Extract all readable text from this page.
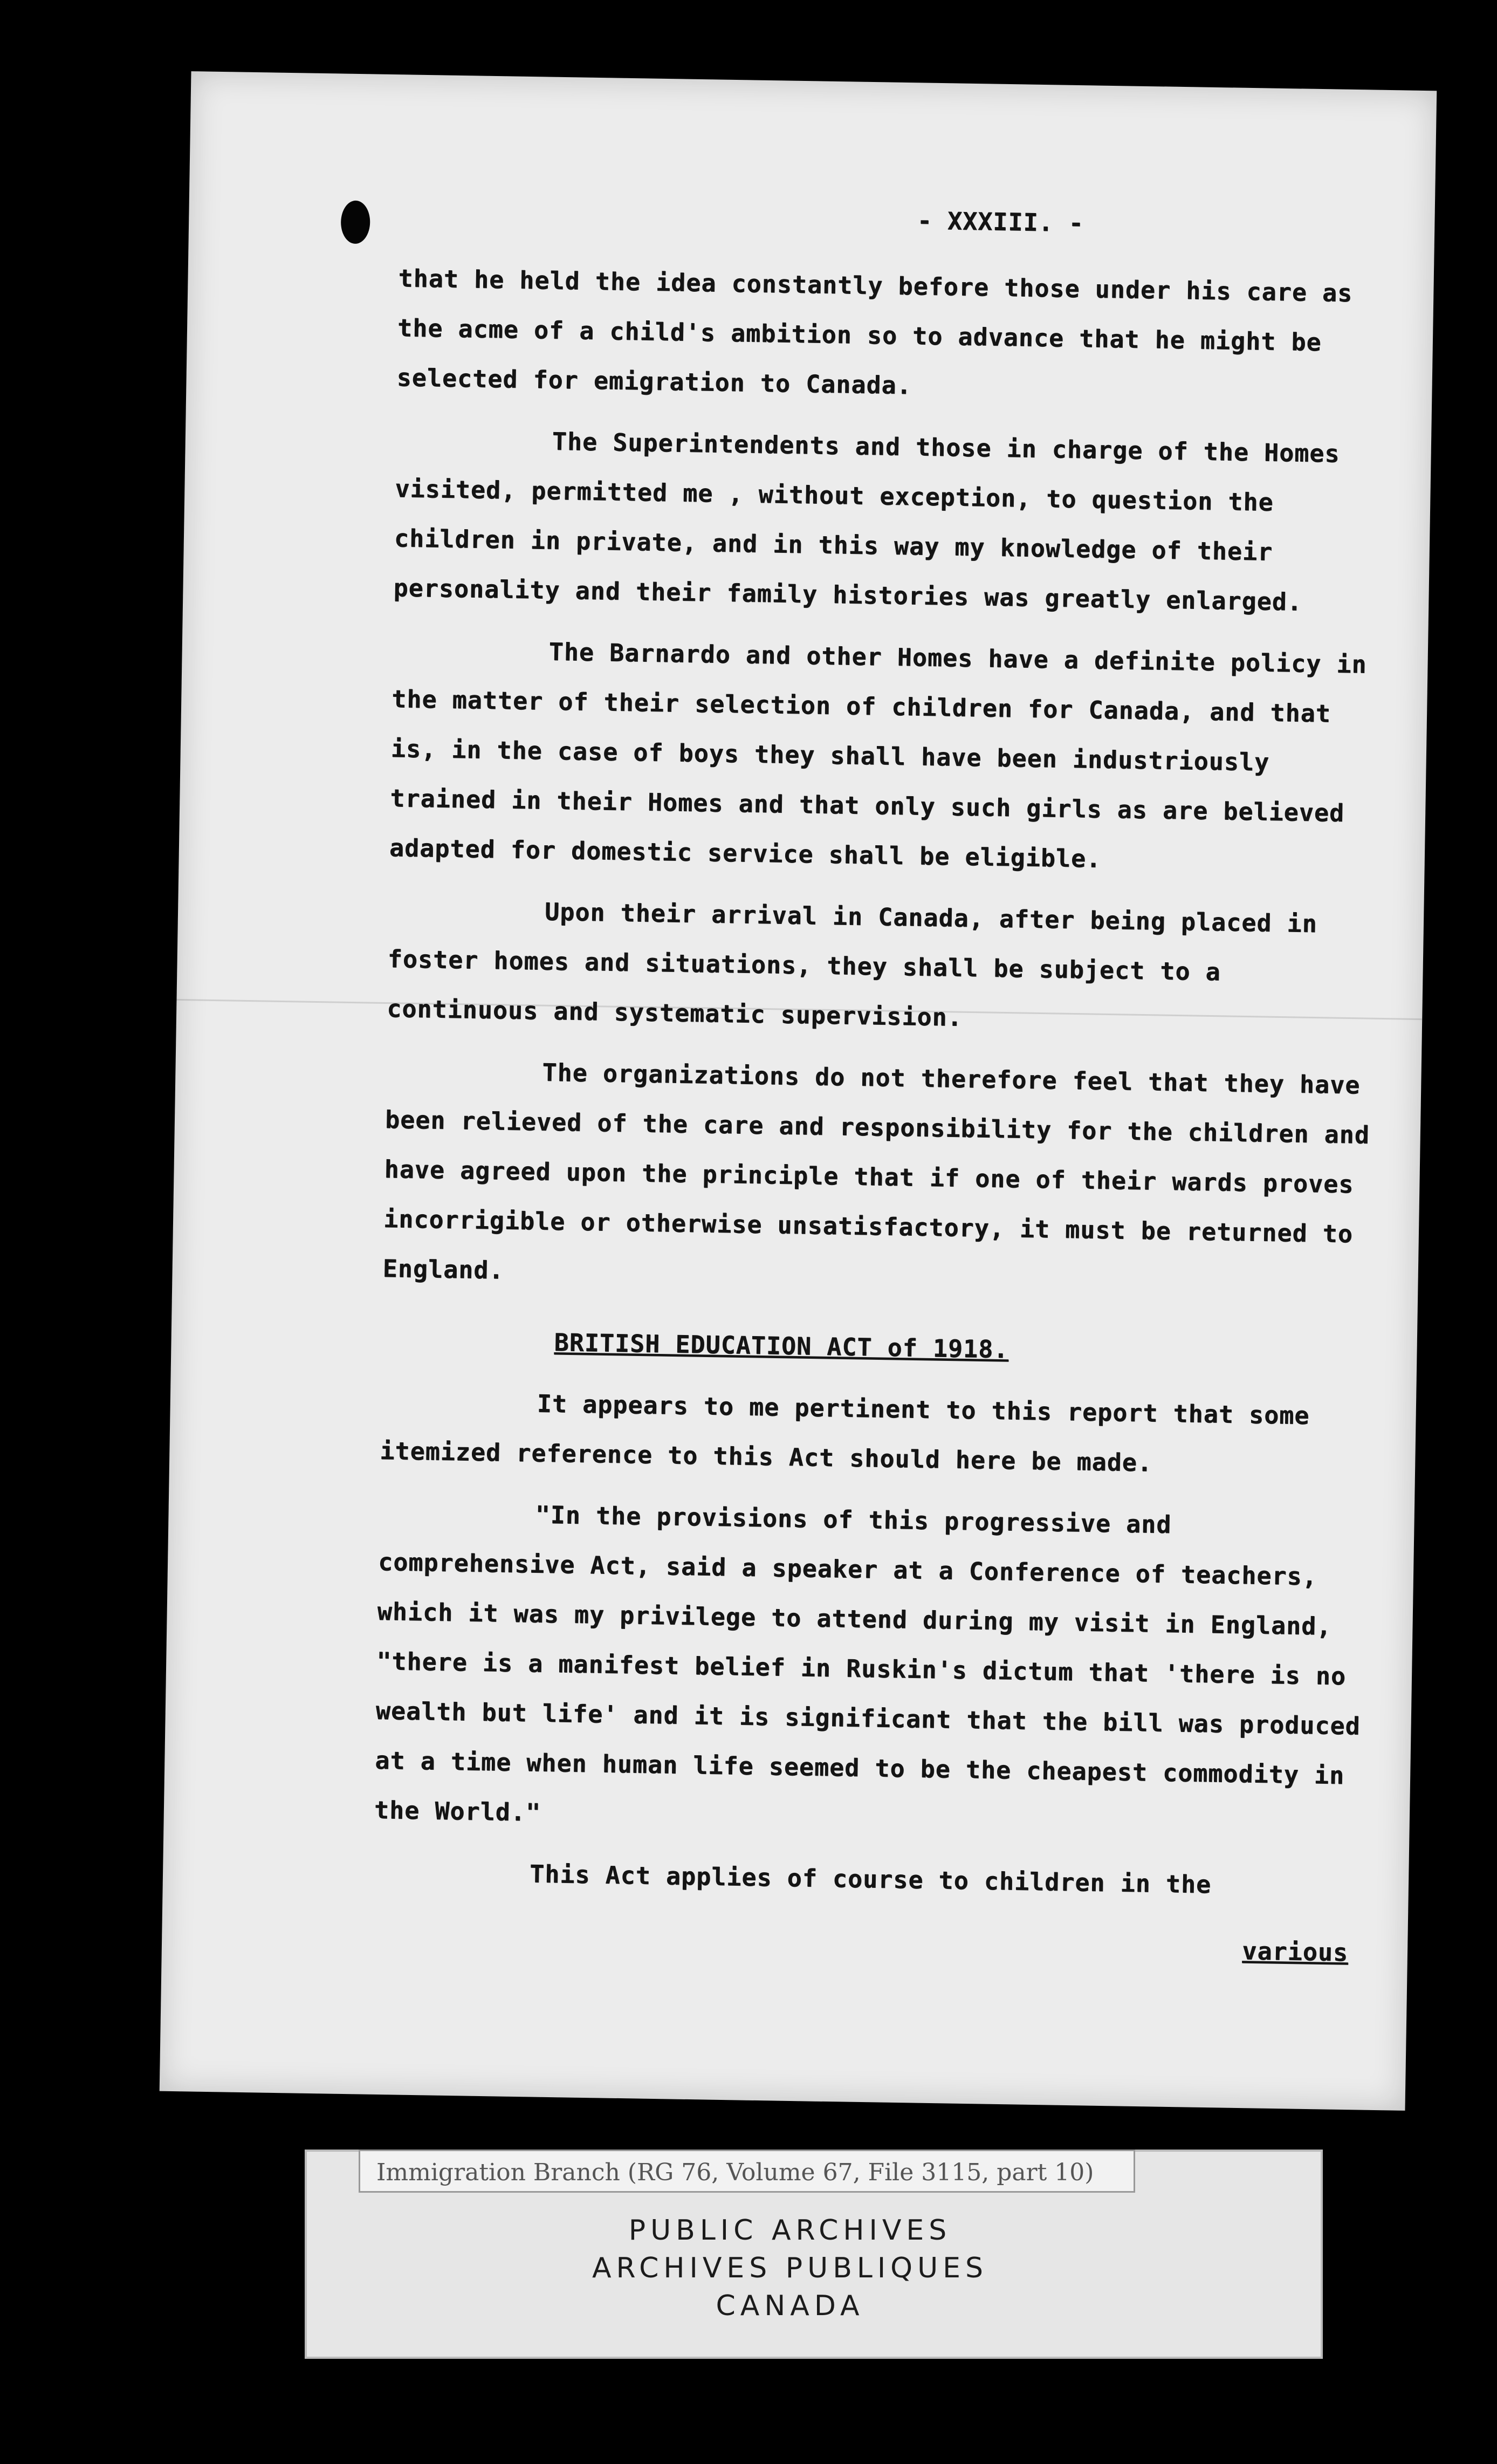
- XXXIII. -

that he held the idea constantly before those under his care as the acme of a child's ambition so to advance that he might be selected for emigration to Canada.

The Superintendents and those in charge of the Homes visited, permitted me , without exception, to question the children in private, and in this way my knowledge of their personality and their family histories was greatly enlarged.

The Barnardo and other Homes have a definite policy in the matter of their selection of children for Canada, and that is, in the case of boys they shall have been industriously trained in their Homes and that only such girls as are believed adapted for domestic service shall be eligible.

Upon their arrival in Canada, after being placed in foster homes and situations, they shall be subject to a continuous and systematic supervision.

The organizations do not therefore feel that they have been relieved of the care and responsibility for the children and have agreed upon the principle that if one of their wards proves incorrigible or otherwise unsatisfactory, it must be returned to England.

BRITISH EDUCATION ACT of 1918.

It appears to me pertinent to this report that some itemized reference to this Act should here be made.

"In the provisions of this progressive and comprehensive Act, said a speaker at a Conference of teachers, which it was my privilege to attend during my visit in England, "there is a manifest belief in Ruskin's dictum that 'there is no wealth but life' and it is significant that the bill was produced at a time when human life seemed to be the cheapest commodity in the World."

This Act applies of course to children in the

various

Immigration Branch (RG 76, Volume 67, File 3115, part 10)
PUBLIC ARCHIVES
ARCHIVES PUBLIQUES
CANADA
